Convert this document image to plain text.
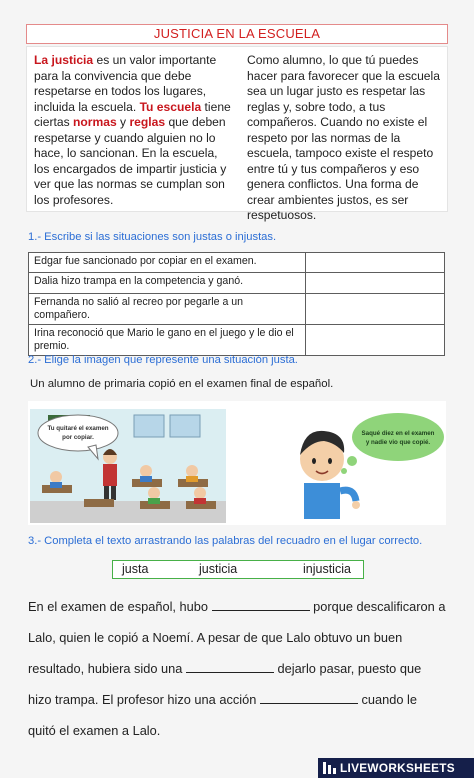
JUSTICIA EN LA ESCUELA
La justicia es un valor importante para la convivencia que debe respetarse en todos los lugares, incluida la escuela. Tu escuela tiene ciertas normas y reglas que deben respetarse y cuando alguien no lo hace, lo sancionan. En la escuela, los encargados de impartir justicia y ver que las normas se cumplan son los profesores.
Como alumno, lo que tú puedes hacer para favorecer que la escuela sea un lugar justo es respetar las reglas y, sobre todo, a tus compañeros. Cuando no existe el respeto por las normas de la escuela, tampoco existe el respeto entre tú y tus compañeros y eso genera conflictos. Una forma de crear ambientes justos, es ser respetuosos.
1.- Escribe si las situaciones son justas o injustas.
Edgar fue sancionado por copiar en el examen.	
Dalia hizo trampa en la competencia y ganó.	
Fernanda no salió al recreo por pegarle a un compañero.	
Irina reconoció que Mario le gano en el juego y le dio el premio.	
2.- Elige la imagen que represente una situación justa.
Un alumno de primaria copió en el examen final de español.
Tu quitaré el examen
por copiar.
Saqué diez en el examen
y nadie vio que copié.
3.- Completa el texto arrastrando las palabras del recuadro en el lugar correcto.
justa	justicia	injusticia
En el examen de español, hubo	porque descalificaron a Lalo, quien le copió a Noemí. A pesar de que Lalo obtuvo un buen resultado, hubiera sido una	dejarlo pasar, puesto que hizo trampa. El profesor hizo una acción	cuando le quitó el examen a Lalo.
LIVEWORKSHEETS
